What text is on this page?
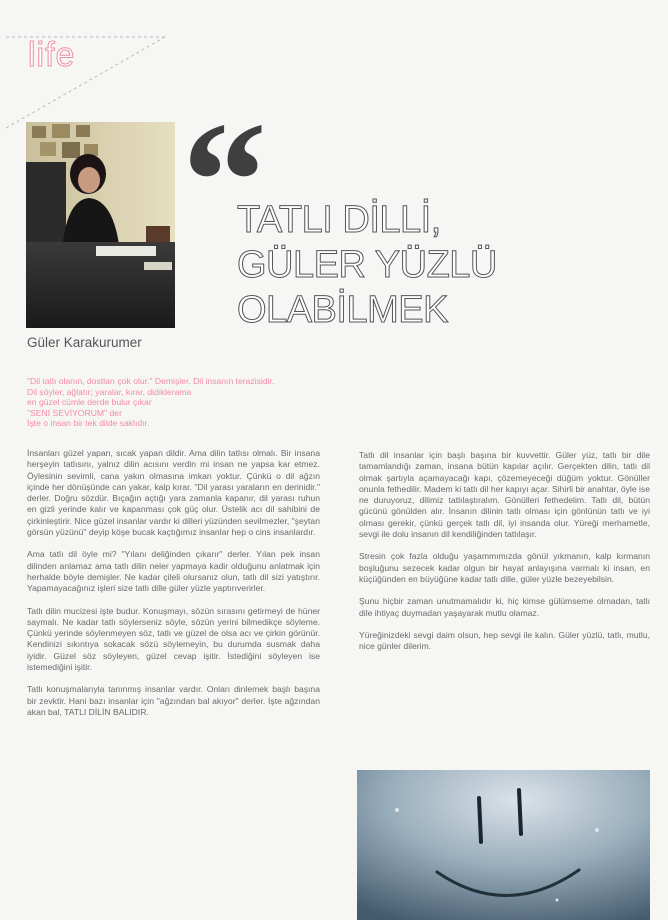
life
Güler Karakurumer
“
TATLI DİLLİ,
GÜLER YÜZLÜ
OLABİLMEK
"Dil tatlı olanın, dostları çok olur." Demişler. Dil insanın terazisidir.
Dil söyler, ağlatır; yaralar, kırar, didiklerama
en güzel cümle derde bulur çıkar
"SENİ SEVİYORUM" der
İşte o insan bir tek dilde saklıdır.

İnsanları güzel yapan, sıcak yapan dildir. Ama dilin tatlısı olmalı. Bir insana herşeyin tatlısını, yalnız dilin acısını verdin mi insan ne yapsa kar etmez. Öylesinin sevimli, cana yakın olmasına imkan yoktur. Çünkü o dil ağzın içinde her dönüşünde can yakar, kalp kırar. "Dil yarası yaraların en derinidir." derler. Doğru sözdür. Bıçağın açtığı yara zamanla kapanır, dil yarası ruhun en gizli yerinde kalır ve kapanması çok güç olur. Üstelik acı dil sahibini de çirkinleştirir. Nice güzel insanlar vardır ki dilleri yüzünden sevilmezler, "şeytan görsün yüzünü" deyip köşe bucak kaçtığımız insanlar hep o cins insanlardır.

Ama tatlı dil öyle mi? "Yılanı deliğinden çıkarır" derler. Yılan pek insan dilinden anlamaz ama tatlı dilin neler yapmaya kadir olduğunu anlatmak için herhalde böyle demişler. Ne kadar çileli olursanız olun, tatlı dil sizi yatıştırır. Yapamayacağınız işleri size tatlı dille güler yüzle yaptırıverirler.

Tatlı dilin mucizesi işte budur. Konuşmayı, sözün sırasını getirmeyi de hüner saymalı. Ne kadar tatlı söylerseniz söyle, sözün yerini bilmedikçe söyleme. Çünkü yerinde söylenmeyen söz, tatlı ve güzel de olsa acı ve çirkin görünür. Kendinizi sıkıntıya sokacak sözü söylemeyin, bu durumda susmak daha iyidir. Güzel söz söyleyen, güzel cevap işitir. İstediğini söyleyen ise istemediğini işitir.

Tatlı konuşmalarıyla tanınmış insanlar vardır. Onları dinlemek başlı başına bir zevktir. Hani bazı insanlar için "ağzından bal akıyor" derler. İşte ağzından akan bal, TATLI DİLİN BALIDIR.

Tatlı dil insanlar için başlı başına bir kuvvettir. Güler yüz, tatlı bir dile tamamlandığı zaman, insana bütün kapılar açılır. Gerçekten dilin, tatlı dil olmak şartıyla açamayacağı kapı, çözemeyeceği düğüm yoktur. Gönüller onunla fethedilir. Madem ki tatlı dil her kapıyı açar. Sihirli bir anahtar, öyle ise ne duruyoruz, dilimiz tatlılaştıralım. Gönülleri fethedelim. Tatlı dil, bütün gücünü gönülden alır. İnsanın dilinin tatlı olması için gönlünün tatlı ve iyi olması gerekir, çünkü gerçek tatlı dil, iyi insanda olur. Yüreği merhametle, sevgi ile dolu insanın dil kendiliğinden tatlılaşır.

Stresin çok fazla olduğu yaşammımızda gönül yıkmanın, kalp kırmanın boşluğunu sezecek kadar olgun bir hayat anlayışına varmalı ki insan, en küçüğünden en büyüğüne kadar tatlı dille, güler yüzle bezeyebilsin.

Şunu hiçbir zaman unutmamalıdır ki, hiç kimse gülümseme olmadan, tatlı dile ihtiyaç duymadan yaşayarak mutlu olamaz.

Yüreğinizdeki sevgi daim olsun, hep sevgi ile kalın. Güler yüzlü, tatlı, mutlu, nice günler dilerim.
